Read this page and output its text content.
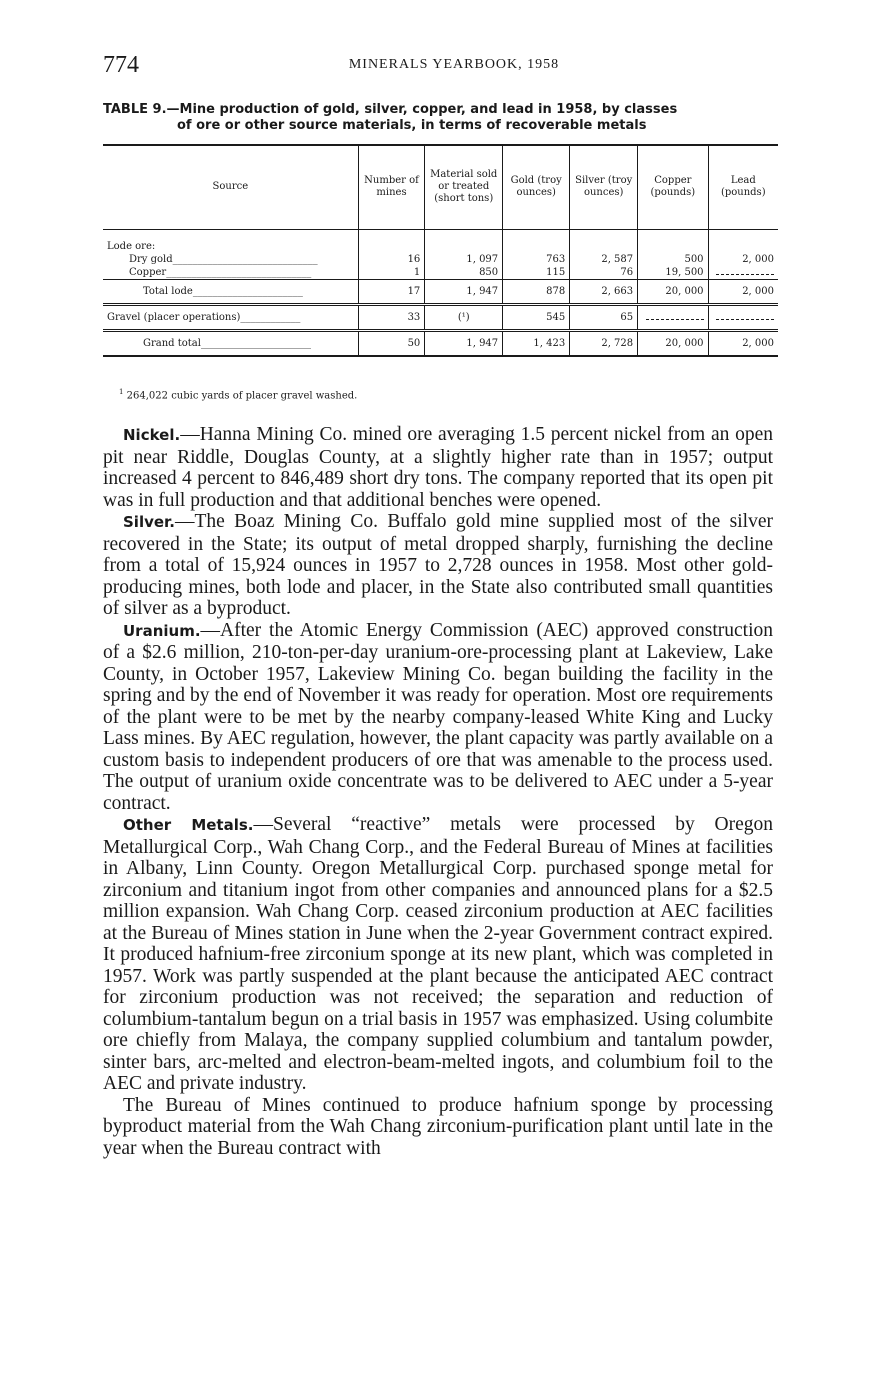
774	MINERALS YEARBOOK, 1958
TABLE 9.—Mine production of gold, silver, copper, and lead in 1958, by classes
of ore or other source materials, in terms of recoverable metals
Source	Number of mines	Material sold or treated (short tons)	Gold (troy ounces)	Silver (troy ounces)	Copper (pounds)	Lead (pounds)

Lode ore:						
Dry gold_____________________________	16	1, 097	763	2, 587	500	2, 000
Copper_____________________________	1	850	115	76	19, 500	
Total lode______________________	17	1, 947	878	2, 663	20, 000	2, 000
Gravel (placer operations)____________	33	(¹)	545	65		
Grand total______________________	50	1, 947	1, 423	2, 728	20, 000	2, 000
$^1$ 264,022 cubic yards of placer gravel washed.

Nickel.—Hanna Mining Co. mined ore averaging 1.5 percent nickel from an open pit near Riddle, Douglas County, at a slightly higher rate than in 1957; output increased 4 percent to 846,489 short dry tons. The company reported that its open pit was in full production and that additional benches were opened.

Silver.—The Boaz Mining Co. Buffalo gold mine supplied most of the silver recovered in the State; its output of metal dropped sharply, furnishing the decline from a total of 15,924 ounces in 1957 to 2,728 ounces in 1958. Most other gold-producing mines, both lode and placer, in the State also contributed small quantities of silver as a byproduct.

Uranium.—After the Atomic Energy Commission (AEC) approved construction of a $2.6 million, 210-ton-per-day uranium-ore-processing plant at Lakeview, Lake County, in October 1957, Lakeview Mining Co. began building the facility in the spring and by the end of November it was ready for operation. Most ore requirements of the plant were to be met by the nearby company-leased White King and Lucky Lass mines. By AEC regulation, however, the plant capacity was partly available on a custom basis to independent producers of ore that was amenable to the process used. The output of uranium oxide concentrate was to be delivered to AEC under a 5-year contract.

Other Metals.—Several “reactive” metals were processed by Oregon Metallurgical Corp., Wah Chang Corp., and the Federal Bureau of Mines at facilities in Albany, Linn County. Oregon Metallurgical Corp. purchased sponge metal for zirconium and titanium ingot from other companies and announced plans for a $2.5 million expansion. Wah Chang Corp. ceased zirconium production at AEC facilities at the Bureau of Mines station in June when the 2-year Government contract expired. It produced hafnium-free zirconium sponge at its new plant, which was completed in 1957. Work was partly suspended at the plant because the anticipated AEC contract for zirconium production was not received; the separation and reduction of columbium-tantalum begun on a trial basis in 1957 was emphasized. Using columbite ore chiefly from Malaya, the company supplied columbium and tantalum powder, sinter bars, arc-melted and electron-beam-melted ingots, and columbium foil to the AEC and private industry.

The Bureau of Mines continued to produce hafnium sponge by processing byproduct material from the Wah Chang zirconium-purification plant until late in the year when the Bureau contract with
